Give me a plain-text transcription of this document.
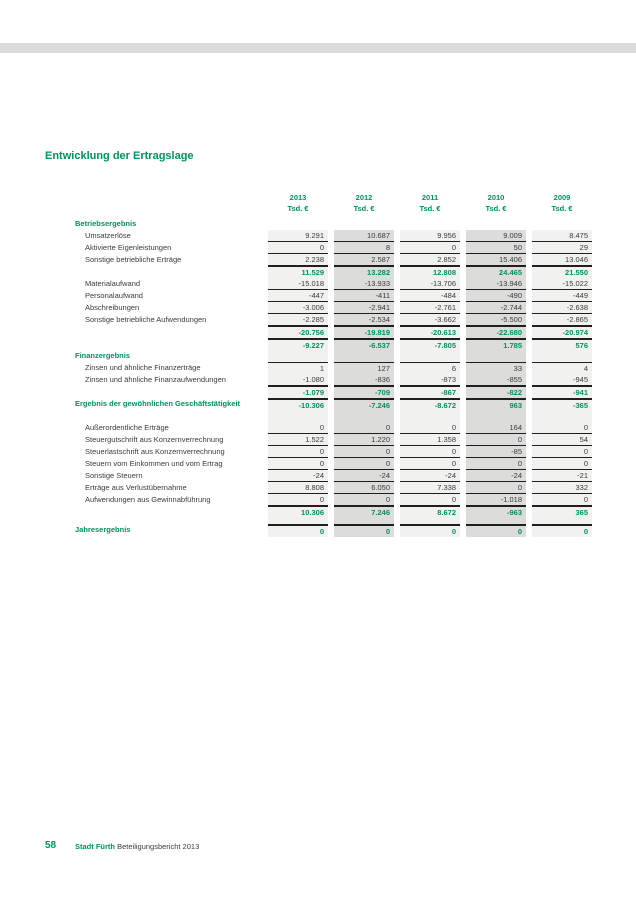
Entwicklung der Ertragslage
2013	2012	2011	2010	2009
Tsd. €	Tsd. €	Tsd. €	Tsd. €	Tsd. €
Betriebsergebnis
Umsatzerlöse	9.291	10.687	9.956	9.009	8.475
Aktivierte Eigenleistungen	0	8	0	50	29
Sonstige betriebliche Erträge	2.238	2.587	2.852	15.406	13.046
11.529	13.282	12.808	24.465	21.550
Materialaufwand	-15.018	-13.933	-13.706	-13.946	-15.022
Personalaufwand	-447	-411	-484	-490	-449
Abschreibungen	-3.006	-2.941	-2.761	-2.744	-2.638
Sonstige betriebliche Aufwendungen	-2.285	-2.534	-3.662	-5.500	-2.865
-20.756	-19.819	-20.613	-22.680	-20.974
-9.227	-6.537	-7.805	1.785	576
Finanzergebnis
Zinsen und ähnliche Finanzerträge	1	127	6	33	4
Zinsen und ähnliche Finanzaufwendungen	-1.080	-836	-873	-855	-945
-1.079	-709	-867	-822	-941
Ergebnis der gewöhnlichen Geschäftstätigkeit	-10.306	-7.246	-8.672	963	-365
Außerordentliche Erträge	0	0	0	164	0
Steuergutschrift aus Konzernverrechnung	1.522	1.220	1.358	0	54
Steuerlastschrift aus Konzernverrechnung	0	0	0	-85	0
Steuern vom Einkommen und vom Ertrag	0	0	0	0	0
Sonstige Steuern	-24	-24	-24	-24	-21
Erträge aus Verlustübernahme	8.808	6.050	7.338	0	332
Aufwendungen aus Gewinnabführung	0	0	0	-1.018	0
10.306	7.246	8.672	-963	365
Jahresergebnis	0	0	0	0	0
58	Stadt Fürth Beteiligungsbericht 2013
